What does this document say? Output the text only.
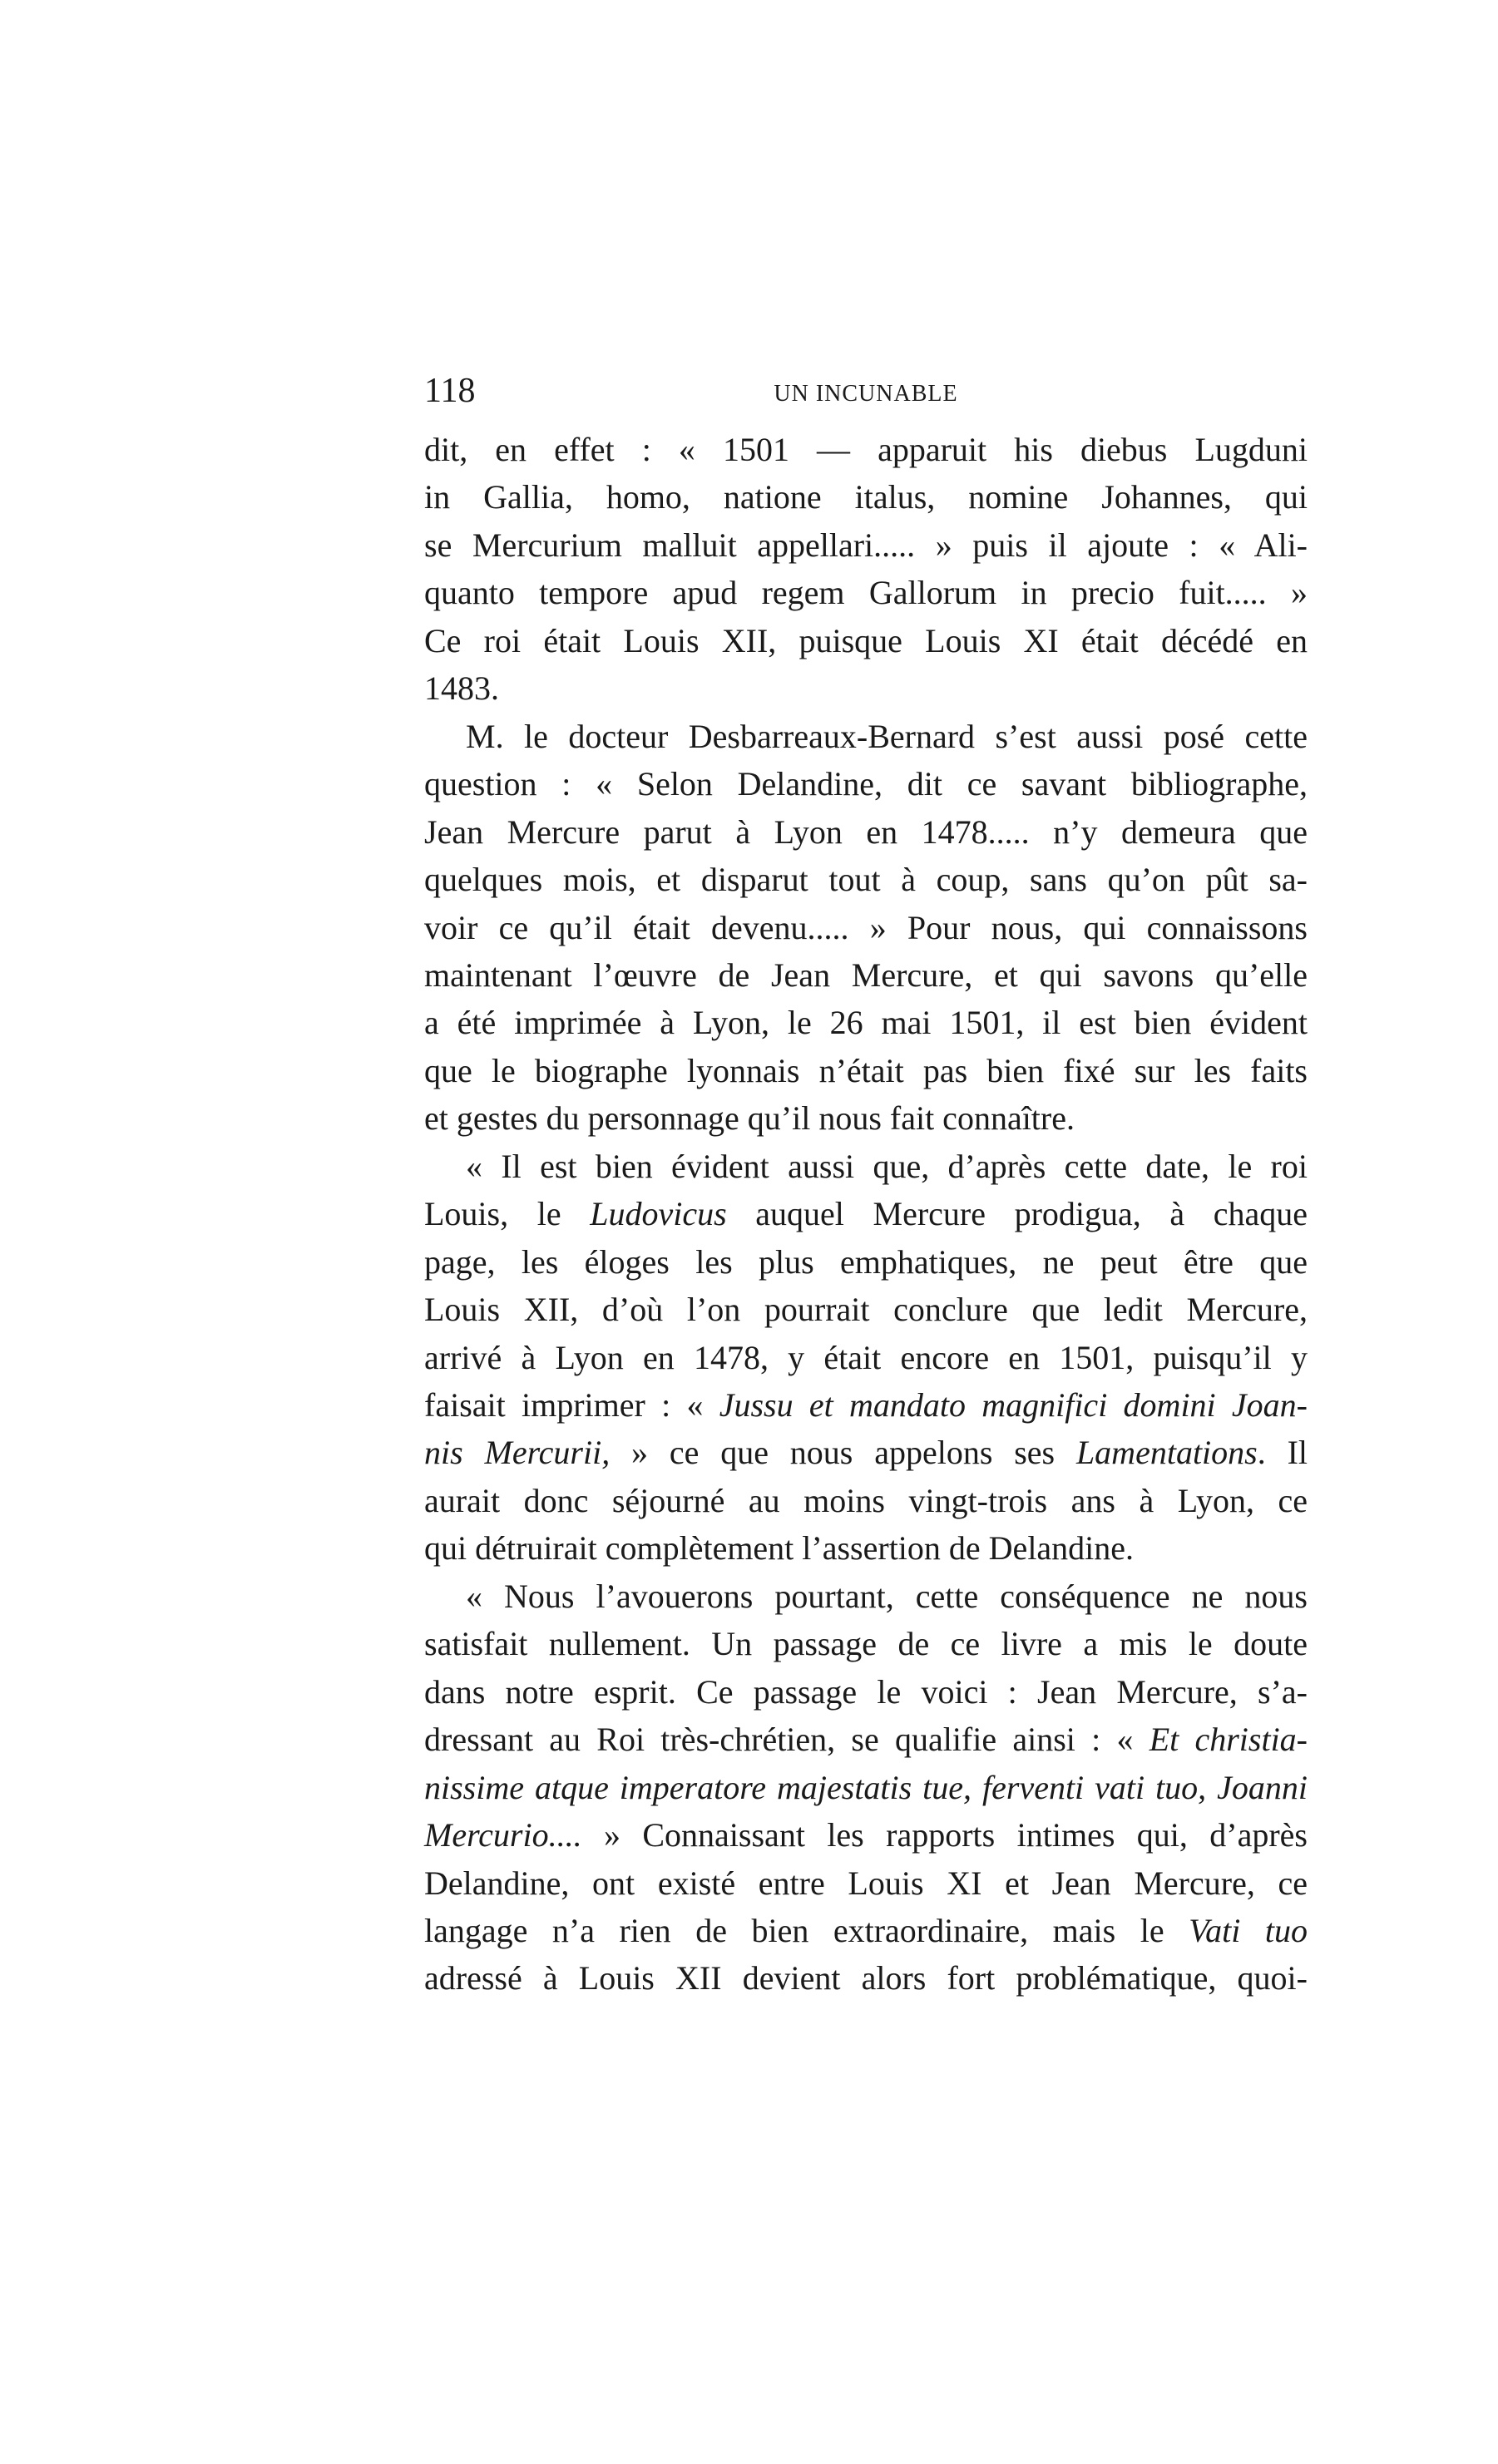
118	UN INCUNABLE
dit, en effet : « 1501 — apparuit his diebus Lugduni
in Gallia, homo, natione italus, nomine Johannes, qui
se Mercurium malluit appellari..... » puis il ajoute : « Ali-
quanto tempore apud regem Gallorum in precio fuit..... »
Ce roi était Louis XII, puisque Louis XI était décédé en
1483.
M. le docteur Desbarreaux-Bernard s’est aussi posé cette
question : « Selon Delandine, dit ce savant bibliographe,
Jean Mercure parut à Lyon en 1478..... n’y demeura que
quelques mois, et disparut tout à coup, sans qu’on pût sa-
voir ce qu’il était devenu..... » Pour nous, qui connaissons
maintenant l’œuvre de Jean Mercure, et qui savons qu’elle
a été imprimée à Lyon, le 26 mai 1501, il est bien évident
que le biographe lyonnais n’était pas bien fixé sur les faits
et gestes du personnage qu’il nous fait connaître.
« Il est bien évident aussi que, d’après cette date, le roi
Louis, le Ludovicus auquel Mercure prodigua, à chaque
page, les éloges les plus emphatiques, ne peut être que
Louis XII, d’où l’on pourrait conclure que ledit Mercure,
arrivé à Lyon en 1478, y était encore en 1501, puisqu’il y
faisait imprimer : « Jussu et mandato magnifici domini Joan-
nis Mercurii, » ce que nous appelons ses Lamentations. Il
aurait donc séjourné au moins vingt-trois ans à Lyon, ce
qui détruirait complètement l’assertion de Delandine.
« Nous l’avouerons pourtant, cette conséquence ne nous
satisfait nullement. Un passage de ce livre a mis le doute
dans notre esprit. Ce passage le voici : Jean Mercure, s’a-
dressant au Roi très-chrétien, se qualifie ainsi : « Et christia-
nissime atque imperatore majestatis tue, ferventi vati tuo, Joanni
Mercurio.... » Connaissant les rapports intimes qui, d’après
Delandine, ont existé entre Louis XI et Jean Mercure, ce
langage n’a rien de bien extraordinaire, mais le Vati tuo
adressé à Louis XII devient alors fort problématique, quoi-
